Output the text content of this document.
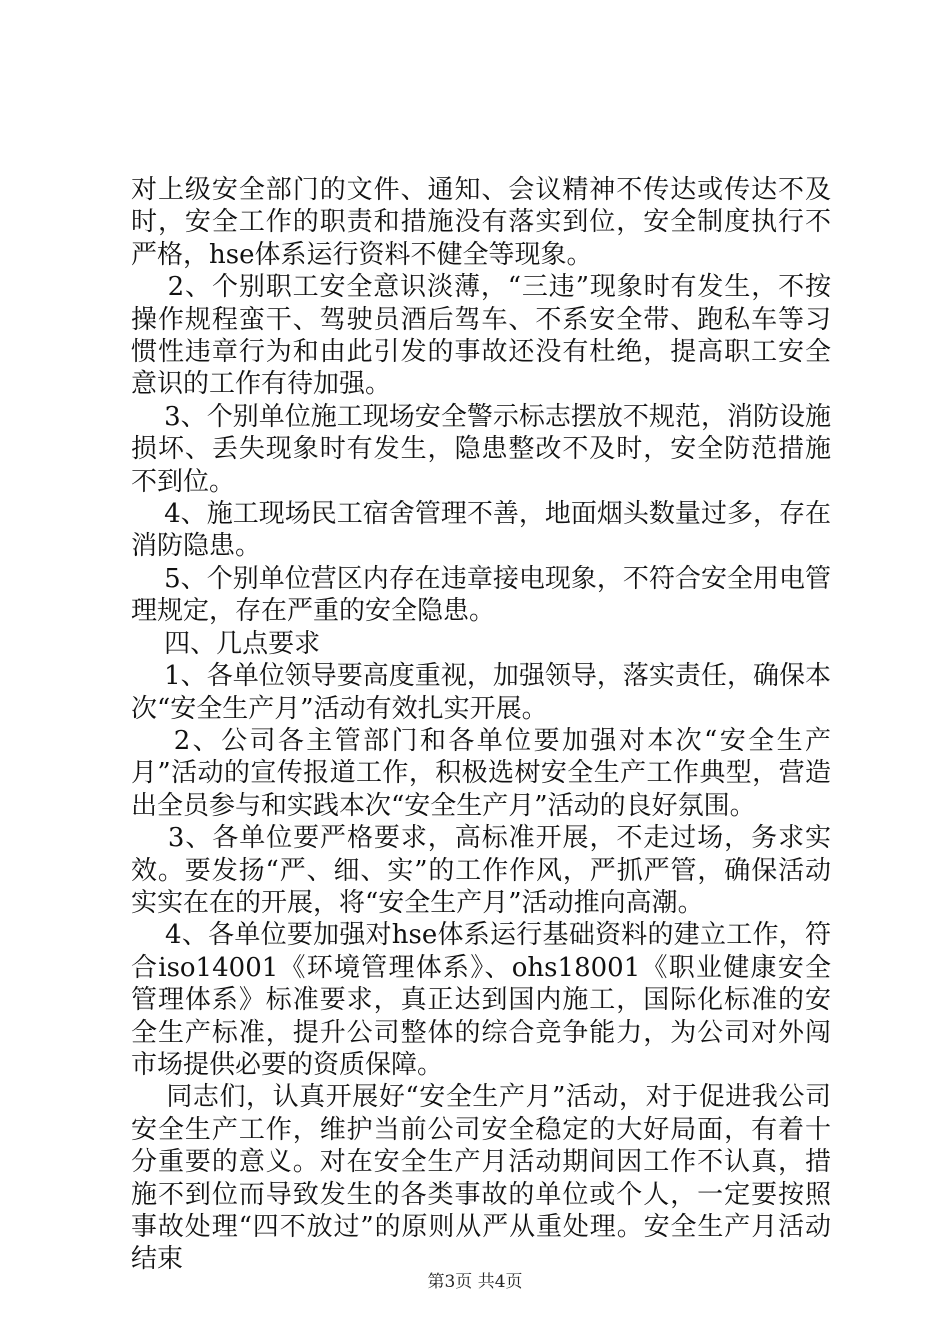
对上级安全部门的文件、通知、会议精神不传达或传达不及时，安全工作的职责和措施没有落实到位，安全制度执行不严格，hse体系运行资料不健全等现象。

2、个别职工安全意识淡薄，“三违”现象时有发生，不按操作规程蛮干、驾驶员酒后驾车、不系安全带、跑私车等习惯性违章行为和由此引发的事故还没有杜绝，提高职工安全意识的工作有待加强。

3、个别单位施工现场安全警示标志摆放不规范，消防设施损坏、丢失现象时有发生，隐患整改不及时，安全防范措施不到位。

4、施工现场民工宿舍管理不善，地面烟头数量过多，存在消防隐患。

5、个别单位营区内存在违章接电现象，不符合安全用电管理规定，存在严重的安全隐患。

四、几点要求

1、各单位领导要高度重视，加强领导，落实责任，确保本次“安全生产月”活动有效扎实开展。

2、公司各主管部门和各单位要加强对本次“安全生产月”活动的宣传报道工作，积极选树安全生产工作典型，营造出全员参与和实践本次“安全生产月”活动的良好氛围。

3、各单位要严格要求，高标准开展，不走过场，务求实效。要发扬“严、细、实”的工作作风，严抓严管，确保活动实实在在的开展，将“安全生产月”活动推向高潮。

4、各单位要加强对hse体系运行基础资料的建立工作，符合iso14001《环境管理体系》、ohs18001《职业健康安全管理体系》标准要求，真正达到国内施工，国际化标准的安全生产标准，提升公司整体的综合竞争能力，为公司对外闯市场提供必要的资质保障。

同志们，认真开展好“安全生产月”活动，对于促进我公司安全生产工作，维护当前公司安全稳定的大好局面，有着十分重要的意义。对在安全生产月活动期间因工作不认真，措施不到位而导致发生的各类事故的单位或个人，一定要按照事故处理“四不放过”的原则从严从重处理。安全生产月活动结束

第3页 共4页
